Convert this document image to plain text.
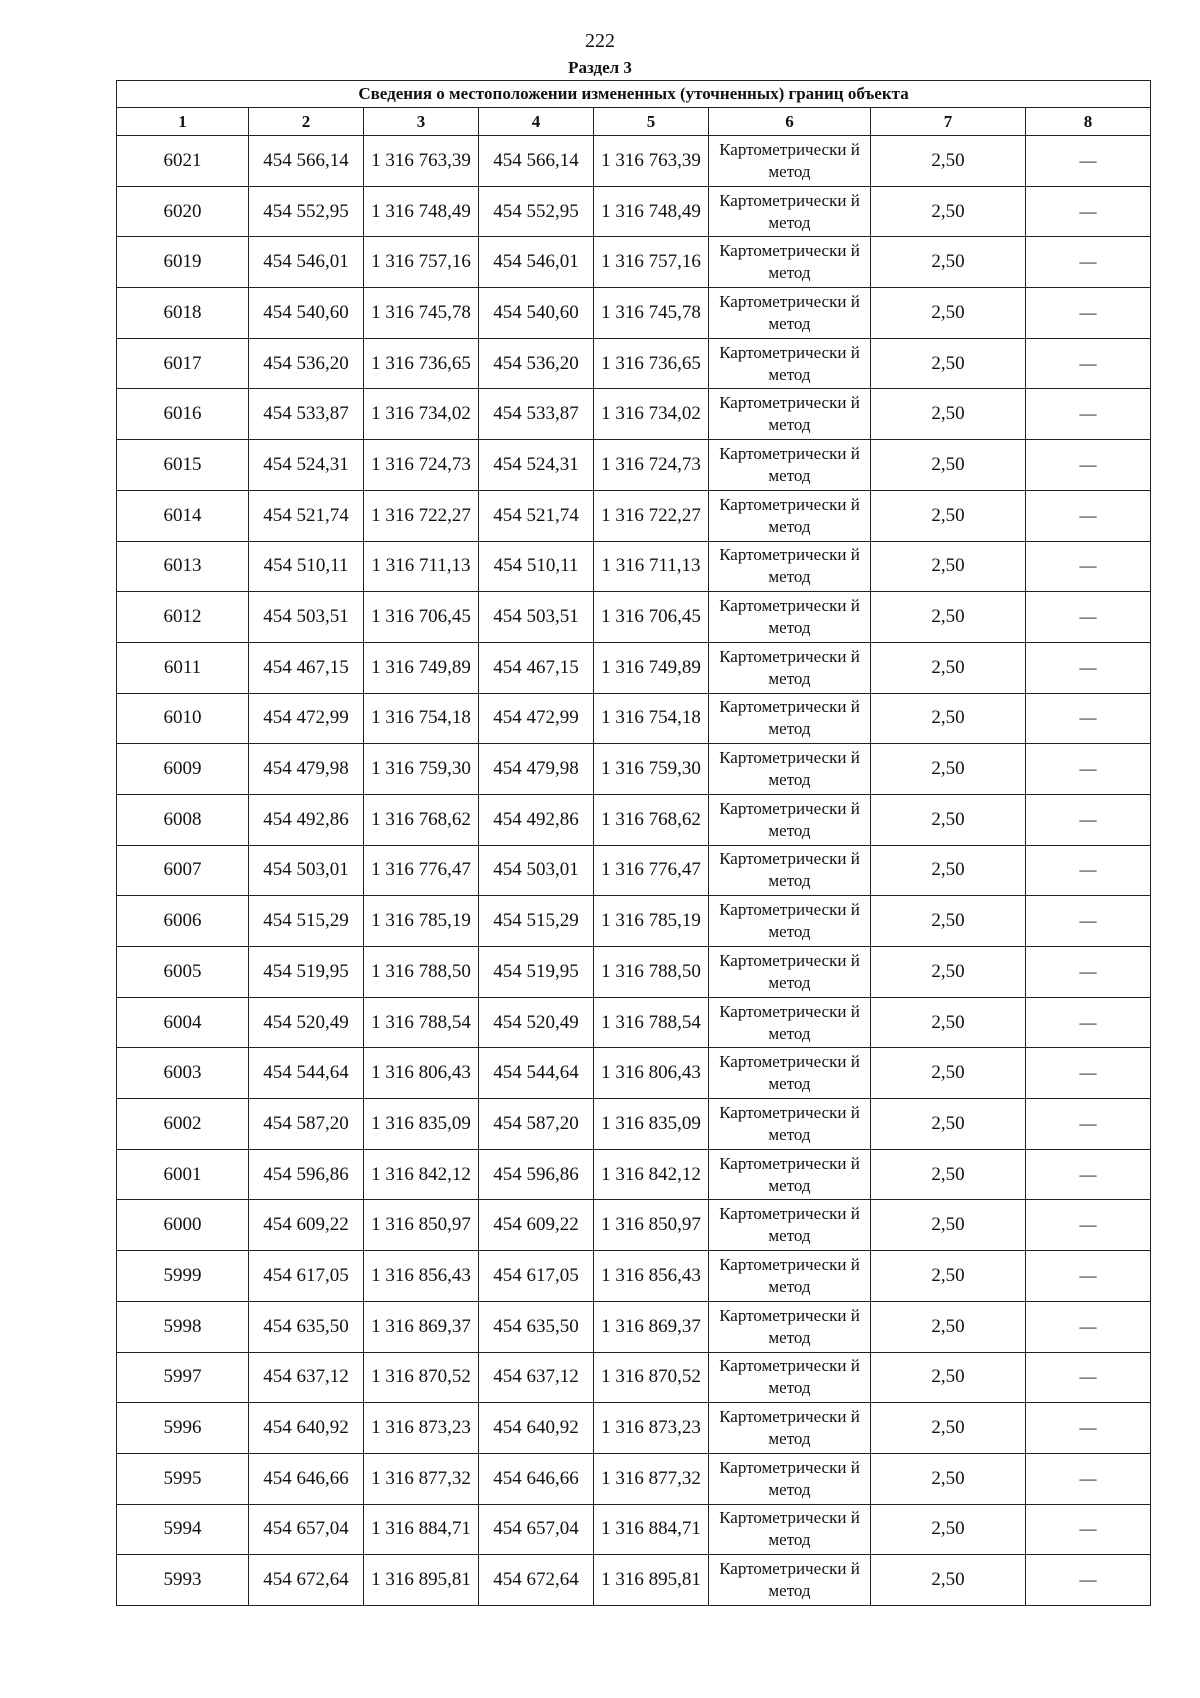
222
Раздел 3
Сведения о местоположении измененных (уточненных) границ объекта							
1	2	3	4	5	6	7	8
6021	454 566,14	1 316 763,39	454 566,14	1 316 763,39	Картометрически й метод	2,50	—
6020	454 552,95	1 316 748,49	454 552,95	1 316 748,49	Картометрически й метод	2,50	—
6019	454 546,01	1 316 757,16	454 546,01	1 316 757,16	Картометрически й метод	2,50	—
6018	454 540,60	1 316 745,78	454 540,60	1 316 745,78	Картометрически й метод	2,50	—
6017	454 536,20	1 316 736,65	454 536,20	1 316 736,65	Картометрически й метод	2,50	—
6016	454 533,87	1 316 734,02	454 533,87	1 316 734,02	Картометрически й метод	2,50	—
6015	454 524,31	1 316 724,73	454 524,31	1 316 724,73	Картометрически й метод	2,50	—
6014	454 521,74	1 316 722,27	454 521,74	1 316 722,27	Картометрически й метод	2,50	—
6013	454 510,11	1 316 711,13	454 510,11	1 316 711,13	Картометрически й метод	2,50	—
6012	454 503,51	1 316 706,45	454 503,51	1 316 706,45	Картометрически й метод	2,50	—
6011	454 467,15	1 316 749,89	454 467,15	1 316 749,89	Картометрически й метод	2,50	—
6010	454 472,99	1 316 754,18	454 472,99	1 316 754,18	Картометрически й метод	2,50	—
6009	454 479,98	1 316 759,30	454 479,98	1 316 759,30	Картометрически й метод	2,50	—
6008	454 492,86	1 316 768,62	454 492,86	1 316 768,62	Картометрически й метод	2,50	—
6007	454 503,01	1 316 776,47	454 503,01	1 316 776,47	Картометрически й метод	2,50	—
6006	454 515,29	1 316 785,19	454 515,29	1 316 785,19	Картометрически й метод	2,50	—
6005	454 519,95	1 316 788,50	454 519,95	1 316 788,50	Картометрически й метод	2,50	—
6004	454 520,49	1 316 788,54	454 520,49	1 316 788,54	Картометрически й метод	2,50	—
6003	454 544,64	1 316 806,43	454 544,64	1 316 806,43	Картометрически й метод	2,50	—
6002	454 587,20	1 316 835,09	454 587,20	1 316 835,09	Картометрически й метод	2,50	—
6001	454 596,86	1 316 842,12	454 596,86	1 316 842,12	Картометрически й метод	2,50	—
6000	454 609,22	1 316 850,97	454 609,22	1 316 850,97	Картометрически й метод	2,50	—
5999	454 617,05	1 316 856,43	454 617,05	1 316 856,43	Картометрически й метод	2,50	—
5998	454 635,50	1 316 869,37	454 635,50	1 316 869,37	Картометрически й метод	2,50	—
5997	454 637,12	1 316 870,52	454 637,12	1 316 870,52	Картометрически й метод	2,50	—
5996	454 640,92	1 316 873,23	454 640,92	1 316 873,23	Картометрически й метод	2,50	—
5995	454 646,66	1 316 877,32	454 646,66	1 316 877,32	Картометрически й метод	2,50	—
5994	454 657,04	1 316 884,71	454 657,04	1 316 884,71	Картометрически й метод	2,50	—
5993	454 672,64	1 316 895,81	454 672,64	1 316 895,81	Картометрически й метод	2,50	—
